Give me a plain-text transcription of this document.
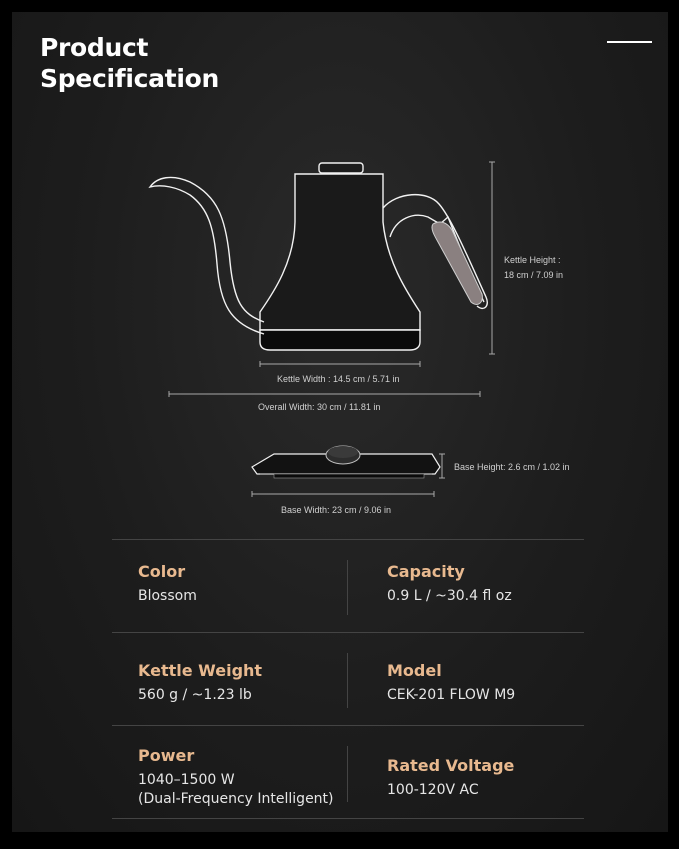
Product
Specification
Kettle Height :
18 cm / 7.09 in
Kettle Width : 14.5 cm / 5.71 in
Overall Width: 30 cm / 11.81 in
Base Height: 2.6 cm / 1.02 in
Base Width: 23 cm / 9.06 in
Color
Blossom
Capacity
0.9 L / ~30.4 fl oz
Kettle Weight
560 g / ~1.23 lb
Model
CEK-201 FLOW M9
Power
1040–1500 W
(Dual-Frequency Intelligent)
Rated Voltage
100-120V AC
